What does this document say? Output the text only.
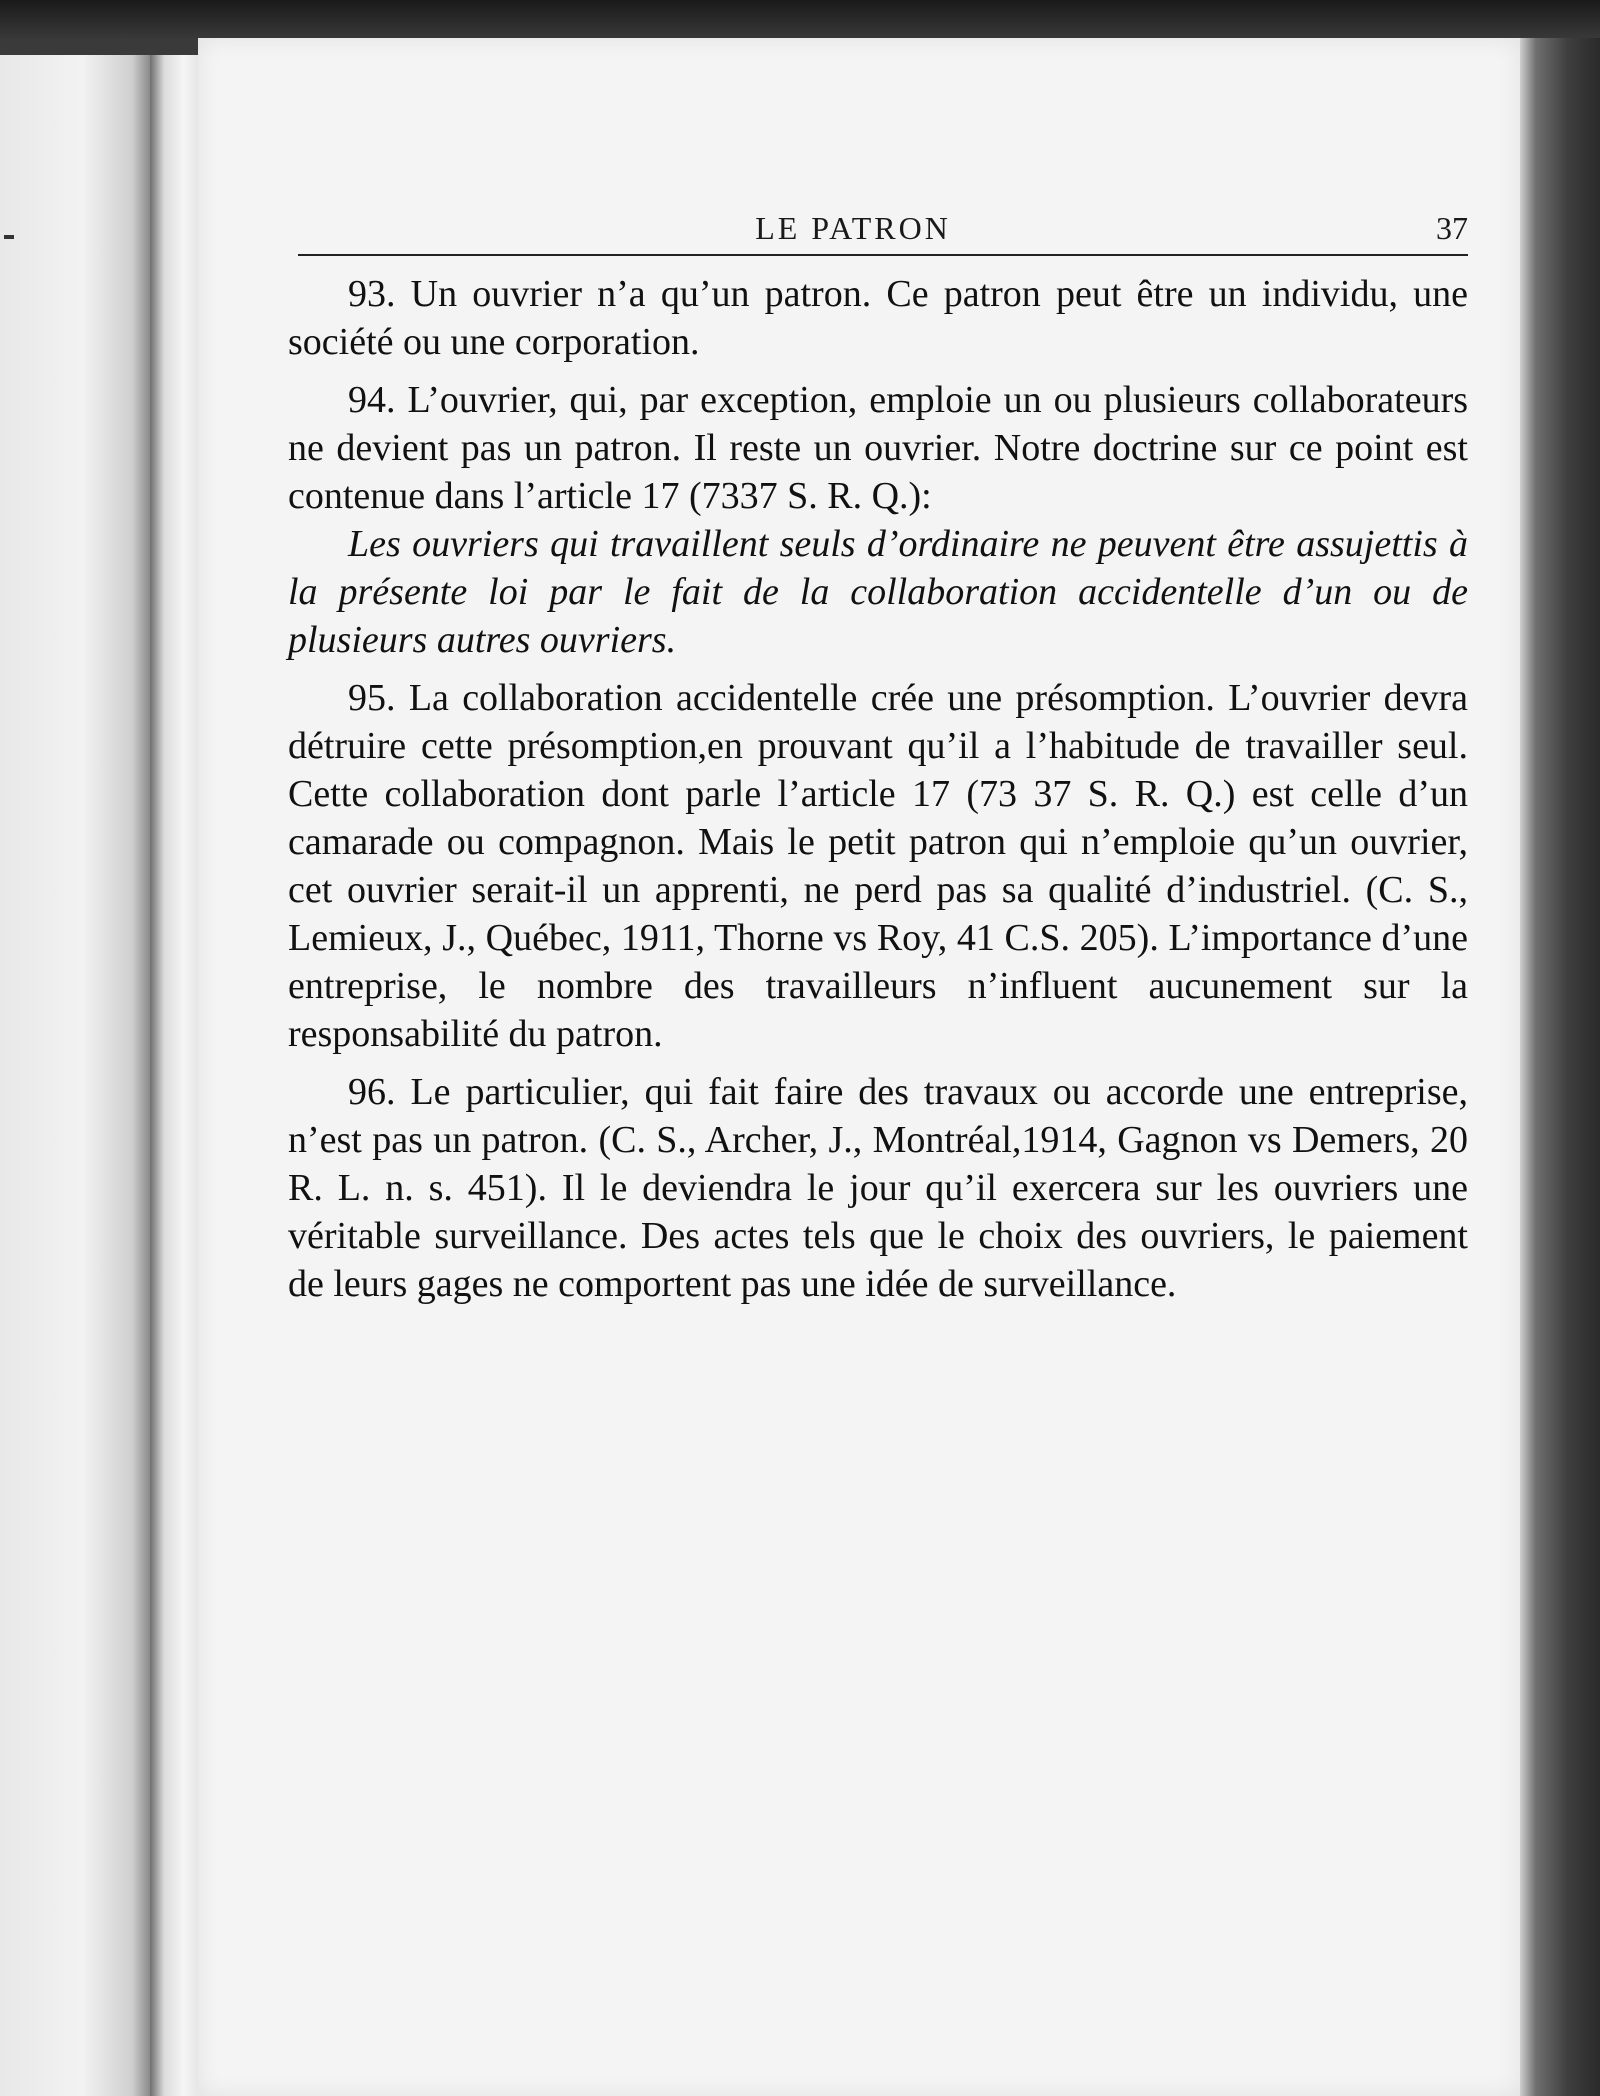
LE PATRON	37

93. Un ouvrier n’a qu’un patron. Ce patron peut être un individu, une société ou une corporation.

94. L’ouvrier, qui, par exception, emploie un ou plusieurs collaborateurs ne devient pas un patron. Il reste un ouvrier. Notre doctrine sur ce point est contenue dans l’article 17 (7337 S. R. Q.):

Les ouvriers qui travaillent seuls d’ordinaire ne peuvent être assujettis à la présente loi par le fait de la collaboration accidentelle d’un ou de plusieurs autres ouvriers.

95. La collaboration accidentelle crée une présomption. L’ouvrier devra détruire cette présomption,en prouvant qu’il a l’habitude de travailler seul. Cette collaboration dont parle l’article 17 (73 37 S. R. Q.) est celle d’un camarade ou compagnon. Mais le petit patron qui n’emploie qu’un ouvrier, cet ouvrier serait-il un apprenti, ne perd pas sa qualité d’industriel. (C. S., Lemieux, J., Québec, 1911, Thorne vs Roy, 41 C.S. 205). L’importance d’une entreprise, le nombre des travailleurs n’influent aucunement sur la responsabilité du patron.

96. Le particulier, qui fait faire des travaux ou accorde une entreprise, n’est pas un patron. (C. S., Archer, J., Montréal,1914, Gagnon vs Demers, 20 R. L. n. s. 451). Il le deviendra le jour qu’il exercera sur les ouvriers une véritable surveillance. Des actes tels que le choix des ouvriers, le paiement de leurs gages ne comportent pas une idée de surveillance.
